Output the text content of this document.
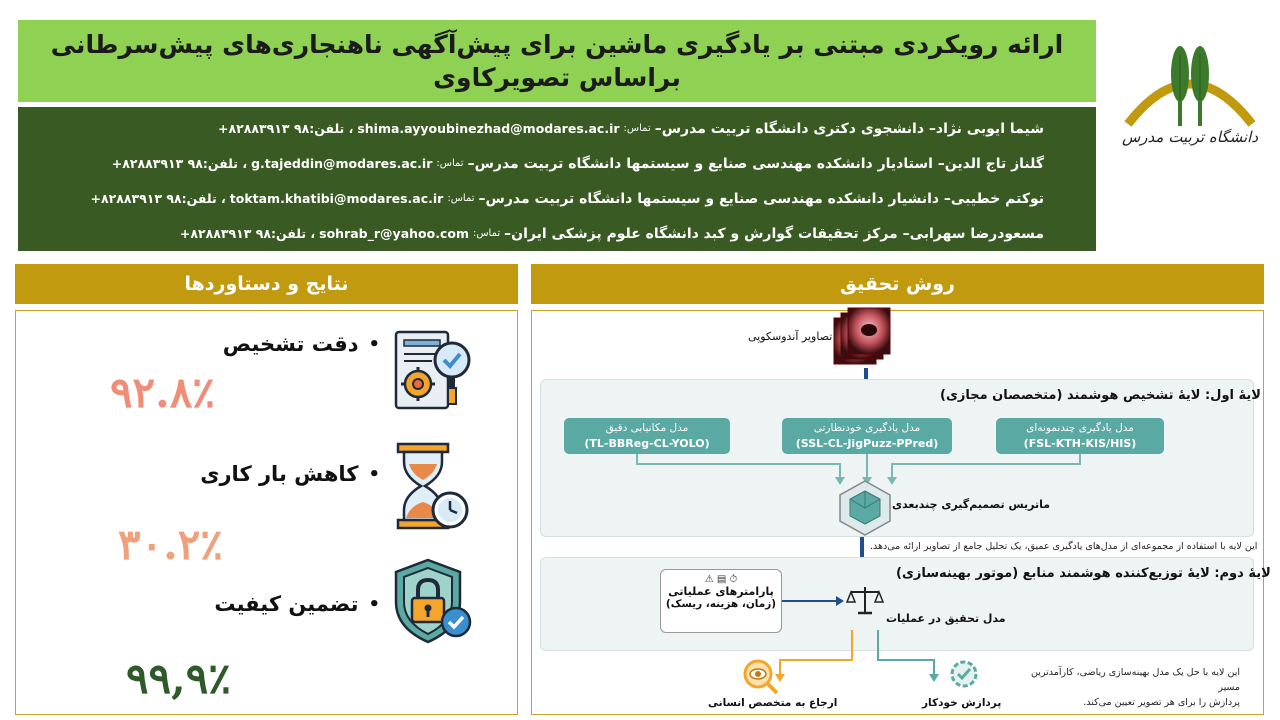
ارائه رویکردی مبتنی بر یادگیری ماشین برای پیش‌آگهی ناهنجاری‌های پیش‌سرطانی براساس تصویرکاوی
شیما ایوبی نژاد– دانشجوی دکتری دانشگاه تربیت مدرس–
تماس:
shima.ayyoubinezhad@modares.ac.ir
، تلفن:۹۸ ۸۲۸۸۳۹۱۳+
گلناز تاج الدین– استادیار دانشکده مهندسی صنایع و سیستمها دانشگاه تربیت مدرس–
تماس:
g.tajeddin@modares.ac.ir
، تلفن:۹۸ ۸۲۸۸۳۹۱۳+
توکتم خطیبی– دانشیار دانشکده مهندسی صنایع و سیستمها دانشگاه تربیت مدرس–
تماس:
toktam.khatibi@modares.ac.ir
، تلفن:۹۸ ۸۲۸۸۳۹۱۳+
مسعودرضا سهرابی– مرکز تحقیقات گوارش و کبد دانشگاه علوم پزشکی ایران–
تماس:
sohrab_r@yahoo.com
، تلفن:۹۸ ۸۲۸۸۳۹۱۳+
دانشگاه تربیت مدرس
نتایج و دستاوردها
•
دقت تشخیص
۹۲.۸٪
•
کاهش بار کاری
۳۰.۲٪
•
تضمین کیفیت
۹۹,۹٪
روش تحقیق
تصاویر آندوسکوپی
لایهٔ اول: لایهٔ تشخیص هوشمند (متخصصان مجازی)
مدل یادگیری چندنمونه‌ای
(FSL-KTH-KIS/HIS)
مدل یادگیری خودنظارتی
(SSL-CL-JigPuzz-PPred)
مدل مکانیابی دقیق
(TL-BBReg-CL-YOLO)
ماتریس تصمیم‌گیری چندبعدی
این لایه با استفاده از مجموعه‌ای از مدل‌های یادگیری عمیق، یک تحلیل جامع از تصاویر ارائه می‌دهد.
لایهٔ دوم: لایهٔ توزیع‌کننده هوشمند منابع (موتور بهینه‌سازی)
⏱ ▤ ⚠
پارامترهای عملیاتی
(زمان، هزینه، ریسک)
مدل تحقیق در عملیات
این لایه با حل یک مدل بهینه‌سازی ریاضی، کارآمدترین مسیر
پردازش را برای هر تصویر تعیین می‌کند.
ارجاع به متخصص انسانی	پردازش خودکار
